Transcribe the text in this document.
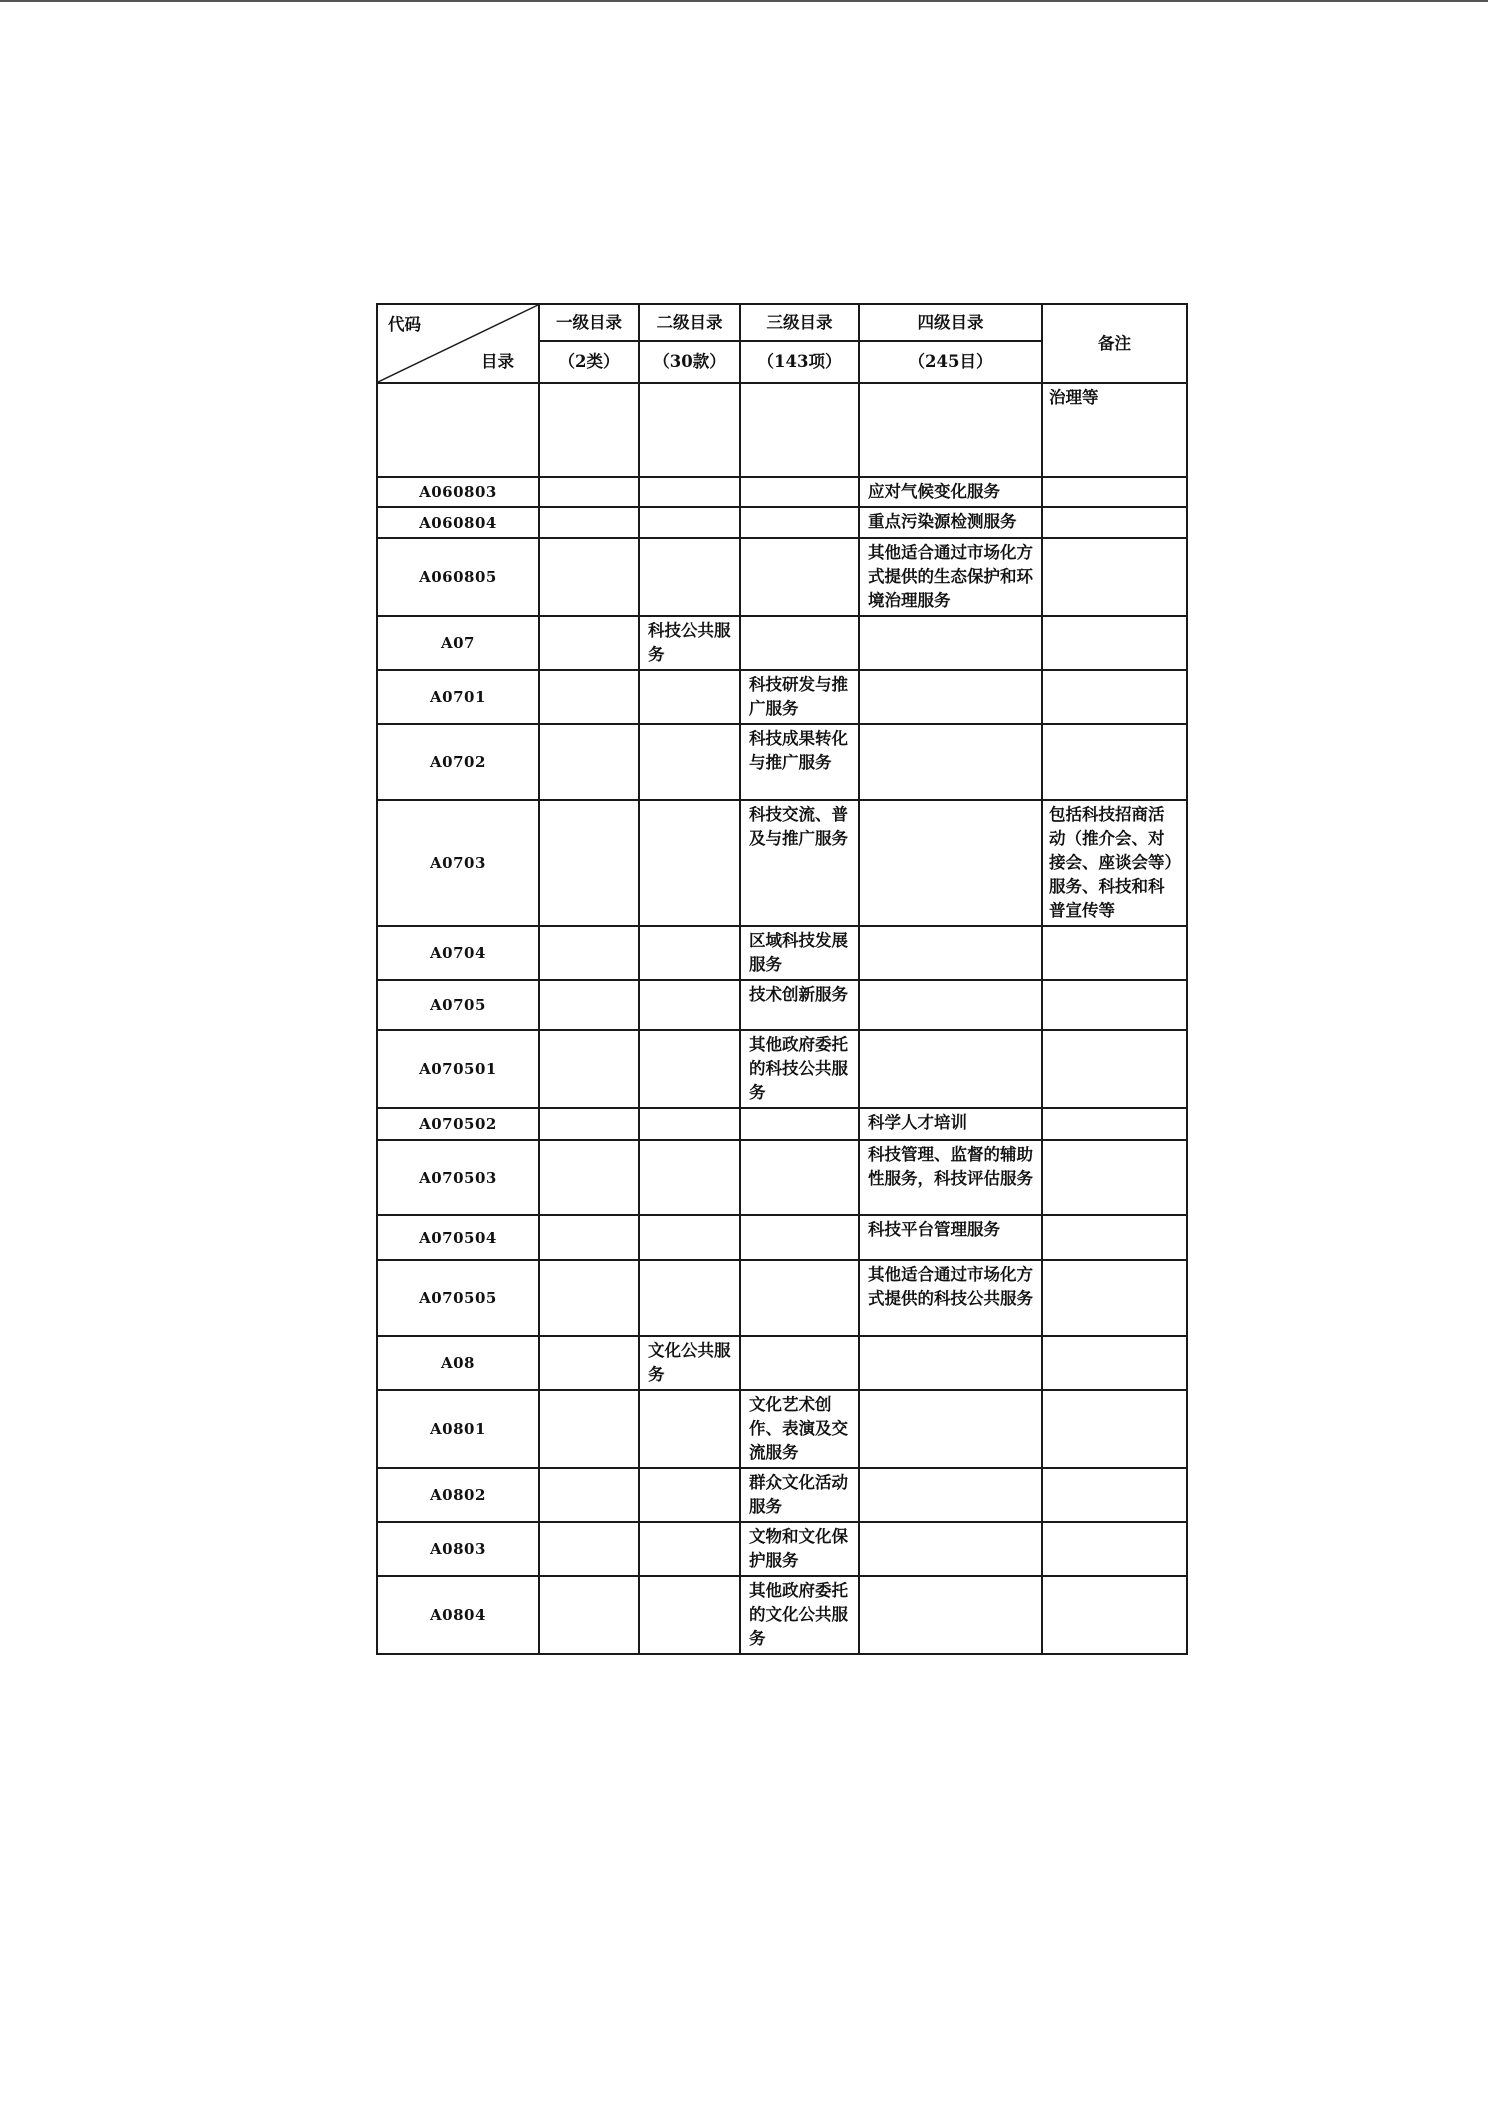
代码
目录	一级目录	二级目录	三级目录	四级目录	备注
	（2类）	（30款）	（143项）	（245目）	
					治理等
A060803				应对气候变化服务	
A060804				重点污染源检测服务	
A060805				其他适合通过市场化方式提供的生态保护和环境治理服务	
A07		科技公共服务			
A0701			科技研发与推广服务		
A0702			科技成果转化与推广服务		
A0703			科技交流、普及与推广服务		包括科技招商活动（推介会、对接会、座谈会等）服务、科技和科普宣传等
A0704			区域科技发展服务		
A0705			技术创新服务		
A070501			其他政府委托的科技公共服务		
A070502				科学人才培训	
A070503				科技管理、监督的辅助性服务，科技评估服务	
A070504				科技平台管理服务	
A070505				其他适合通过市场化方式提供的科技公共服务	
A08		文化公共服务			
A0801			文化艺术创作、表演及交流服务		
A0802			群众文化活动服务		
A0803			文物和文化保护服务		
A0804			其他政府委托的文化公共服务		
